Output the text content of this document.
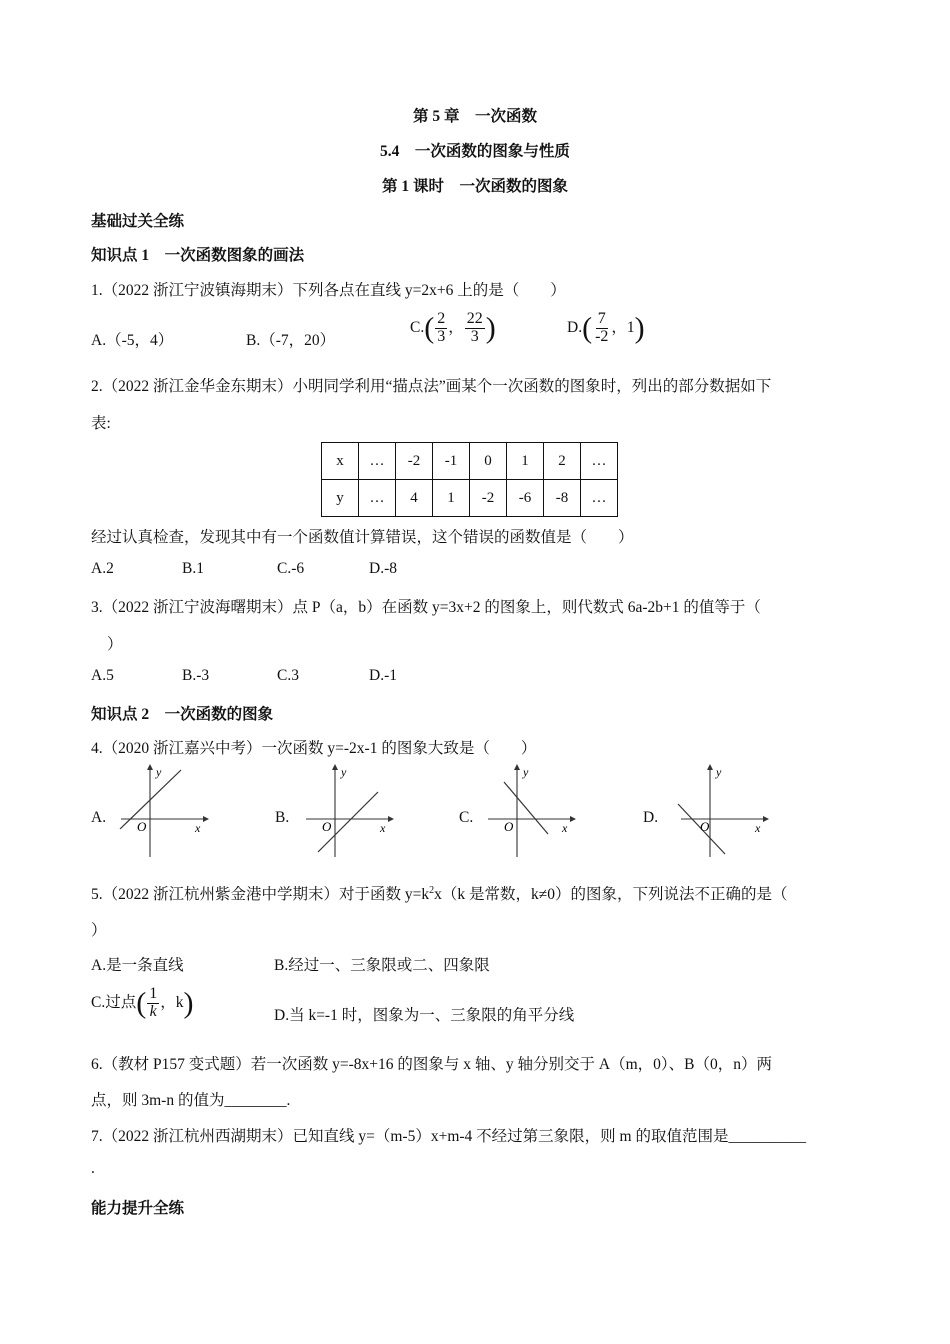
第 5 章　一次函数
5.4　一次函数的图象与性质
第 1 课时　一次函数的图象
基础过关全练
知识点 1　一次函数图象的画法
1.（2022 浙江宁波镇海期末）下列各点在直线 y=2x+6 上的是（　　）
A.（-5，4）	B.（-7，20）
$C.( \frac{2}{3}$ ， $\frac{22}{3}$ )	$D.( \frac{7}{-2}$ ，1)
2.（2022 浙江金华金东期末）小明同学利用“描点法”画某个一次函数的图象时，列出的部分数据如下
表:
x	…	-2	-1	0	1	2	…
y	…	4	1	-2	-6	-8	…
经过认真检查，发现其中有一个函数值计算错误，这个错误的函数值是（　　）
A.2	B.1	C.-6	D.-8
3.（2022 浙江宁波海曙期末）点 P（a，b）在函数 y=3x+2 的图象上，则代数式 6a-2b+1 的值等于（
）
A.5	B.-3	C.3	D.-1
知识点 2　一次函数的图象
4.（2020 浙江嘉兴中考）一次函数 y=-2x-1 的图象大致是（　　）
A.
y
x
O
B.
y
x
O
C.
y
x
O
D.
y
x
O
5.（2022 浙江杭州紫金港中学期末）对于函数 $y=k^2x(k$ 是常数，k≠0）的图象，下列说法不正确的是（
）
A.是一条直线	B.经过一、三象限或二、四象限
C.过点( $\frac{1}{k}$ ，k)	D.当 k=-1 时，图象为一、三象限的角平分线
6.（教材 P157 变式题）若一次函数 y=-8x+16 的图象与 x 轴、y 轴分别交于 A（m，0）、B（0，n）两
点，则 3m-n 的值为________.
7.（2022 浙江杭州西湖期末）已知直线 y=（m-5）x+m-4 不经过第三象限，则 m 的取值范围是__________
.
能力提升全练
